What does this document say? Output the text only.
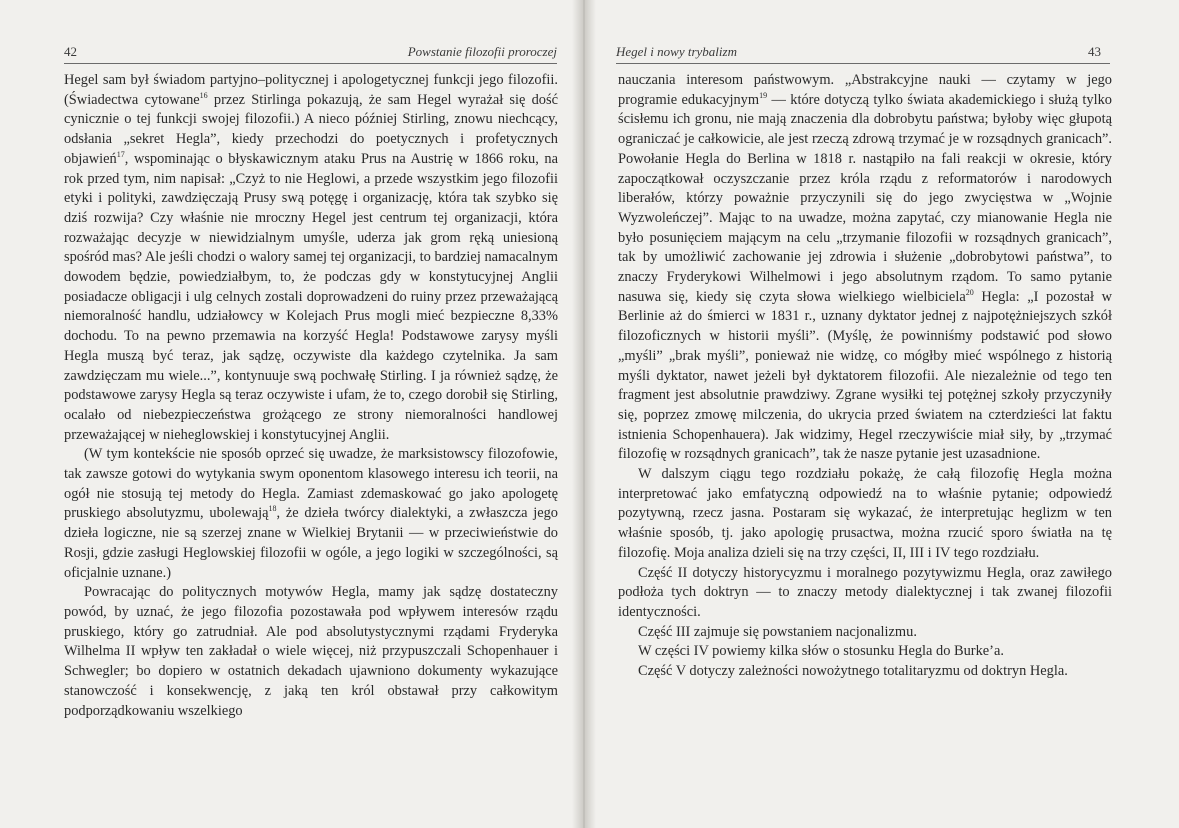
42	Powstanie filozofii proroczej

Hegel sam był świadom partyjno–politycznej i apologetycznej funkcji jego filozofii. (Świadectwa cytowane$^{16}$ przez Stirlinga pokazują, że sam Hegel wyrażał się dość cynicznie o tej funkcji swojej filozofii.) A nieco później Stirling, znowu niechcący, odsłania „sekret Hegla”, kiedy przechodzi do poetycznych i profetycznych objawień$^{17}$, wspominając o błyskawicznym ataku Prus na Austrię w 1866 roku, na rok przed tym, nim napisał: „Czyż to nie Heglowi, a przede wszystkim jego filozofii etyki i polityki, zawdzięczają Prusy swą potęgę i organizację, która tak szybko się dziś rozwija? Czy właśnie nie mroczny Hegel jest centrum tej organizacji, która rozważając decyzje w niewidzialnym umyśle, uderza jak grom ręką uniesioną spośród mas? Ale jeśli chodzi o walory samej tej organizacji, to bardziej namacalnym dowodem będzie, powiedziałbym, to, że podczas gdy w konstytucyjnej Anglii posiadacze obligacji i ulg celnych zostali doprowadzeni do ruiny przez przeważającą niemoralność handlu, udziałowcy w Kolejach Prus mogli mieć bezpieczne 8,33% dochodu. To na pewno przemawia na korzyść Hegla! Podstawowe zarysy myśli Hegla muszą być teraz, jak sądzę, oczywiste dla każdego czytelnika. Ja sam zawdzięczam mu wiele...”, kontynuuje swą pochwałę Stirling. I ja również sądzę, że podstawowe zarysy Hegla są teraz oczywiste i ufam, że to, czego dorobił się Stirling, ocalało od niebezpieczeństwa grożącego ze strony niemoralności handlowej przeważającej w nieheglowskiej i konstytucyjnej Anglii.

(W tym kontekście nie sposób oprzeć się uwadze, że marksistowscy filozofowie, tak zawsze gotowi do wytykania swym oponentom klasowego interesu ich teorii, na ogół nie stosują tej metody do Hegla. Zamiast zdemaskować go jako apologetę pruskiego absolutyzmu, ubolewają$^{18}$, że dzieła twórcy dialektyki, a zwłaszcza jego dzieła logiczne, nie są szerzej znane w Wielkiej Brytanii — w przeciwieństwie do Rosji, gdzie zasługi Heglowskiej filozofii w ogóle, a jego logiki w szczególności, są oficjalnie uznane.)

Powracając do politycznych motywów Hegla, mamy jak sądzę dostateczny powód, by uznać, że jego filozofia pozostawała pod wpływem interesów rządu pruskiego, który go zatrudniał. Ale pod absolutystycznymi rządami Fryderyka Wilhelma II wpływ ten zakładał o wiele więcej, niż przypuszczali Schopenhauer i Schwegler; bo dopiero w ostatnich dekadach ujawniono dokumenty wykazujące stanowczość i konsekwencję, z jaką ten król obstawał przy całkowitym podporządkowaniu wszelkiego

Hegel i nowy trybalizm	43

nauczania interesom państwowym. „Abstrakcyjne nauki — czytamy w jego programie edukacyjnym$^{19}$ — które dotyczą tylko świata akademickiego i służą tylko ścisłemu ich gronu, nie mają znaczenia dla dobrobytu państwa; byłoby więc głupotą ograniczać je całkowicie, ale jest rzeczą zdrową trzymać je w rozsądnych granicach”. Powołanie Hegla do Berlina w 1818 r. nastąpiło na fali reakcji w okresie, który zapoczątkował oczyszczanie przez króla rządu z reformatorów i narodowych liberałów, którzy poważnie przyczynili się do jego zwycięstwa w „Wojnie Wyzwoleńczej”. Mając to na uwadze, można zapytać, czy mianowanie Hegla nie było posunięciem mającym na celu „trzymanie filozofii w rozsądnych granicach”, tak by umożliwić zachowanie jej zdrowia i służenie „dobrobytowi państwa”, to znaczy Fryderykowi Wilhelmowi i jego absolutnym rządom. To samo pytanie nasuwa się, kiedy się czyta słowa wielkiego wielbiciela$^{20}$ Hegla: „I pozostał w Berlinie aż do śmierci w 1831 r., uznany dyktator jednej z najpotężniejszych szkół filozoficznych w historii myśli”. (Myślę, że powinniśmy podstawić pod słowo „myśli” „brak myśli”, ponieważ nie widzę, co mógłby mieć wspólnego z historią myśli dyktator, nawet jeżeli był dyktatorem filozofii. Ale niezależnie od tego ten fragment jest absolutnie prawdziwy. Zgrane wysiłki tej potężnej szkoły przyczyniły się, poprzez zmowę milczenia, do ukrycia przed światem na czterdzieści lat faktu istnienia Schopenhauera). Jak widzimy, Hegel rzeczywiście miał siły, by „trzymać filozofię w rozsądnych granicach”, tak że nasze pytanie jest uzasadnione.

W dalszym ciągu tego rozdziału pokażę, że całą filozofię Hegla można interpretować jako emfatyczną odpowiedź na to właśnie pytanie; odpowiedź pozytywną, rzecz jasna. Postaram się wykazać, że interpretując heglizm w ten właśnie sposób, tj. jako apologię prusactwa, można rzucić sporo światła na tę filozofię. Moja analiza dzieli się na trzy części, II, III i IV tego rozdziału.

Część II dotyczy historycyzmu i moralnego pozytywizmu Hegla, oraz zawiłego podłoża tych doktryn — to znaczy metody dialektycznej i tak zwanej filozofii identyczności.

Część III zajmuje się powstaniem nacjonalizmu.

W części IV powiemy kilka słów o stosunku Hegla do Burke’a.

Część V dotyczy zależności nowożytnego totalitaryzmu od doktryn Hegla.
